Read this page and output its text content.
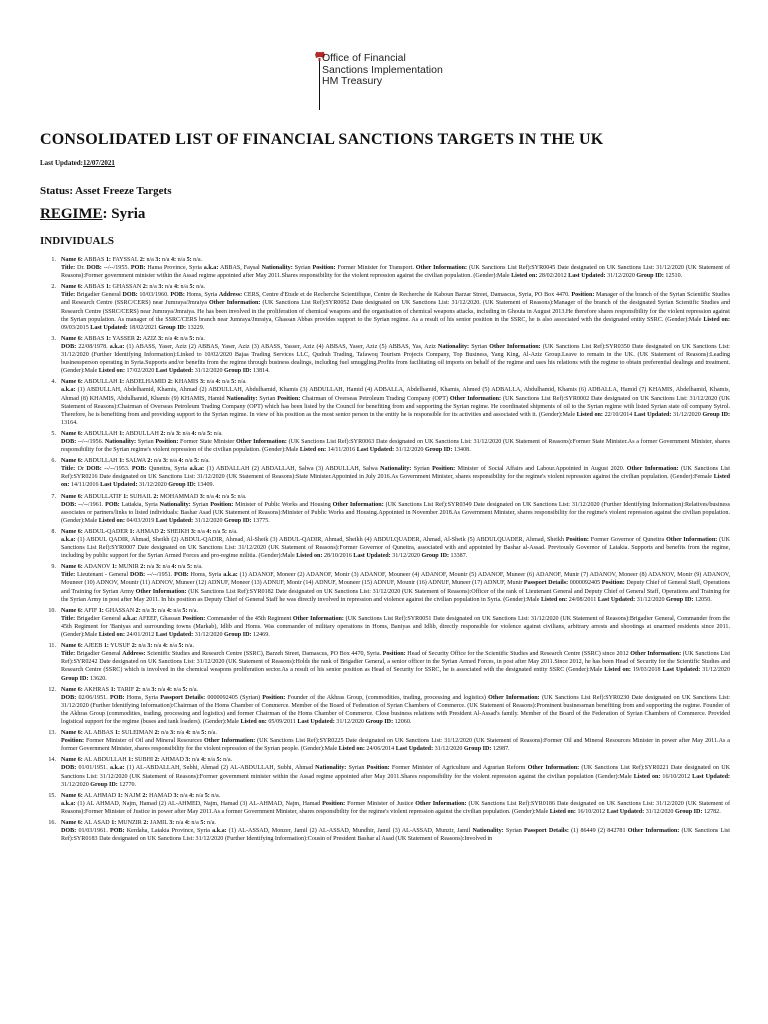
Office of Financial
Sanctions Implementation
HM Treasury
CONSOLIDATED LIST OF FINANCIAL SANCTIONS TARGETS IN THE UK
Last Updated:12/07/2021
Status: Asset Freeze Targets
REGIME: Syria
INDIVIDUALS
1. Name 6: ABBAS 1: FAYSSAL 2: n/a 3: n/a 4: n/a 5: n/a.
Title: Dr. DOB: --/--/1955. POB: Hama Province, Syria a.k.a: ABBAS, Faysal Nationality: Syrian Position: Former Minister for Transport. Other Information: (UK Sanctions List Ref):SYR0045 Date designated on UK Sanctions List: 31/12/2020 (UK Statement of Reasons):Former government minister within the Assad regime appointed after May 2011.Shares responsibility for the violent repression against the civilian population. (Gender):Male Listed on: 28/02/2012 Last Updated: 31/12/2020 Group ID: 12510.
2. Name 6: ABBAS 1: GHASSAN 2: n/a 3: n/a 4: n/a 5: n/a.
Title: Brigadier General DOB: 10/03/1960. POB: Homs, Syria Address: CERS, Centre d'Etude et de Recherche Scientifique, Centre de Recherche de Kaboun Barzar Street, Damascus, Syria, PO Box 4470. Position: Manager of the branch of the Syrian Scientific Studies and Research Centre (SSRC/CERS) near Jumraya/Jmraiya Other Information: (UK Sanctions List Ref):SYR0052 Date designated on UK Sanctions List: 31/12/2020. (UK Statement of Reasons):Manager of the branch of the designated Syrian Scientific Studies and Research Centre (SSRC/CERS) near Jumraya/Jmraiya. He has been involved in the proliferation of chemical weapons and the organisation of chemical weapons attacks, including in Ghouta in August 2013.He therefore shares responsibility for the violent repression against the Syrian population. As manager of the SSRC/CERS branch near Jumraya/Jmraiya, Ghassan Abbas provides support to the Syrian regime. As a result of his senior position in the SSRC, he is also associated with the designated entity SSRC. (Gender):Male Listed on: 09/03/2015 Last Updated: 18/02/2021 Group ID: 13229.
3. Name 6: ABBAS 1: YASSER 2: AZIZ 3: n/a 4: n/a 5: n/a.
DOB: 22/08/1978. a.k.a: (1) ABASS, Yaser, Aziz (2) ABBAS, Yaser, Aziz (3) ABASS, Yasser, Aziz (4) ABBAS, Yaser, Aziz (5) ABBAS, Yas, Aziz Nationality: Syrian Other Information: (UK Sanctions List Ref):SYR0350 Date designated on UK Sanctions List: 31/12/2020 (Further Identifying Information):Linked to 10/02/2020 Bajaa Trading Services LLC, Qudrah Trading, Tafawoq Tourism Projects Company, Top Business, Yang King, Al-Aziz Group.Leave to remain in the UK. (UK Statement of Reasons):Leading businessperson operating in Syria.Supports and/or benefits from the regime through business dealings, including fuel smuggling.Profits from facilitating oil imports on behalf of the regime and uses his relations with the regime to obtain preferential dealings and treatment. (Gender):Male Listed on: 17/02/2020 Last Updated: 31/12/2020 Group ID: 13814.
4. Name 6: ABDULLAH 1: ABDELHAMID 2: KHAMIS 3: n/a 4: n/a 5: n/a.
a.k.a: (1) ABDULLAH, Abdelhamid, Khamis, Ahmad (2) ABDULLAH, Abdulhamid, Khamis (3) ABDULLAH, Hamid (4) ADBALLA, Abdelhamid, Khamis, Ahmed (5) ADBALLA, Abdulhamid, Khamis (6) ADBALLA, Hamid (7) KHAMIS, Abdelhamid, Khamis, Ahmad (8) KHAMIS, Abdulhamid, Khamis (9) KHAMIS, Hamid Nationality: Syrian Position: Chairman of Overseas Petroleum Trading Company (OPT) Other Information: (UK Sanctions List Ref):SYR0002 Date designated on UK Sanctions List: 31/12/2020 (UK Statement of Reasons):Chairman of Overseas Petroleum Trading Company (OPT) which has been listed by the Council for benefiting from and supporting the Syrian regime. He coordinated shipments of oil to the Syrian regime with listed Syrian state oil company Sytrol. Therefore, he is benefiting from and providing support to the Syrian regime. In view of his position as the most senior person in the entity he is responsible for its activities and associated with it. (Gender):Male Listed on: 22/10/2014 Last Updated: 31/12/2020 Group ID: 13164.
5. Name 6: ABDULLAH 1: ABDULLAH 2: n/a 3: n/a 4: n/a 5: n/a.
DOB: --/--/1956. Nationality: Syrian Position: Former State Minister Other Information: (UK Sanctions List Ref):SYR0063 Date designated on UK Sanctions List: 31/12/2020 (UK Statement of Reasons):Former State Minister.As a former Government Minister, shares responsibility for the Syrian regime's violent repression of the civilian population. (Gender):Male Listed on: 14/11/2016 Last Updated: 31/12/2020 Group ID: 13408.
6. Name 6: ABDULLAH 1: SALWA 2: n/a 3: n/a 4: n/a 5: n/a.
Title: Dr DOB: --/--/1953. POB: Quneitra, Syria a.k.a: (1) ABDALLAH (2) ABDALLAH, Salwa (3) ABDULLAH, Salwa Nationality: Syrian Position: Minister of Social Affairs and Labour.Appointed in August 2020. Other Information: (UK Sanctions List Ref):SYR0216 Date designated on UK Sanctions List: 31/12/2020 (UK Statement of Reasons):State Minister.Appointed in July 2016.As Government Minister, shares responsibility for the regime's violent repression against the civilian population. (Gender):Female Listed on: 14/11/2016 Last Updated: 31/12/2020 Group ID: 13409.
7. Name 6: ABDULLATIF 1: SUHAIL 2: MOHAMMAD 3: n/a 4: n/a 5: n/a.
DOB: --/--/1961. POB: Lattakia, Syria Nationality: Syrian Position: Minister of Public Works and Housing Other Information: (UK Sanctions List Ref):SYR0349 Date designated on UK Sanctions List: 31/12/2020 (Further Identifying Information):Relatives/business associates or partners/links to listed individuals: Bashar Asad (UK Statement of Reasons):Minister of Public Works and Housing.Appointed in November 2018.As Government Minister, shares responsibility for the regime's violent repression against the civilian population. (Gender):Male Listed on: 04/03/2019 Last Updated: 31/12/2020 Group ID: 13775.
8. Name 6: ABDUL-QADER 1: AHMAD 2: SHEIKH 3: n/a 4: n/a 5: n/a.
a.k.a: (1) ABDUL QADIR, Ahmad, Sheikh (2) ABDUL-QADIR, Ahmad, Al-Sheik (3) ABDUL-QADIR, Ahmad, Sheikh (4) ABDULQUADER, Ahmad, Al-Sheik (5) ABDULQUADER, Ahmad, Sheikh Position: Former Governor of Quneitra Other Information: (UK Sanctions List Ref):SYR0007 Date designated on UK Sanctions List: 31/12/2020 (UK Statement of Reasons):Former Governor of Quneitra, associated with and appointed by Bashar al-Assad. Previously Governor of Latakia. Supports and benefits from the regime, including by public support for the Syrian Armed Forces and pro-regime militia. (Gender):Male Listed on: 28/10/2016 Last Updated: 31/12/2020 Group ID: 13387.
9. Name 6: ADANOV 1: MUNIR 2: n/a 3: n/a 4: n/a 5: n/a.
Title: Lieutenant - General DOB: --/--/1951. POB: Homs, Syria a.k.a: (1) ADANOF, Moneer (2) ADANOF, Monir (3) ADANOF, Mouneer (4) ADANOF, Mounir (5) ADANOF, Muneer (6) ADANOF, Munir (7) ADANOV, Moneer (8) ADANOV, Monir (9) ADANOV, Mouneer (10) ADNOV, Mounir (11) ADNOV, Muneer (12) ADNUF, Moneer (13) ADNUF, Monir (14) ADNUF, Mouneer (15) ADNUF, Mounir (16) ADNUF, Muneer (17) ADNUF, Munir Passport Details: 0000092405 Position: Deputy Chief of General Staff, Operations and Training for Syrian Army Other Information: (UK Sanctions List Ref):SYR0182 Date designated on UK Sanctions List: 31/12/2020 (UK Statement of Reasons):Officer of the rank of Lieutenant General and Deputy Chief of General Staff, Operations and Training for the Syrian Army in post after May 2011. In his position as Deputy Chief of General Staff he was directly involved in repression and violence against the civilian population in Syria. (Gender):Male Listed on: 24/08/2011 Last Updated: 31/12/2020 Group ID: 12050.
10. Name 6: AFIF 1: GHASSAN 2: n/a 3: n/a 4: n/a 5: n/a.
Title: Brigadier General a.k.a: AFEEF, Ghassan Position: Commander of the 45th Regiment Other Information: (UK Sanctions List Ref):SYR0051 Date designated on UK Sanctions List: 31/12/2020 (UK Statement of Reasons):Brigadier General, Commander from the 45th Regiment for 'Baniyas and surrounding towns (Markab), Idlib and Homs. Was commander of military operations in Homs, Baniyas and Idlib, directly responsible for violence against civilians, arbitrary arrests and shootings at unarmed residents since 2011. (Gender):Male Listed on: 24/01/2012 Last Updated: 31/12/2020 Group ID: 12469.
11. Name 6: AJEEB 1: YUSUF 2: n/a 3: n/a 4: n/a 5: n/a.
Title: Brigadier General Address: Scientific Studies and Research Centre (SSRC), Barzeh Street, Damascus, PO Box 4470, Syria. Position: Head of Security Office for the Scientific Studies and Research Centre (SSRC) since 2012 Other Information: (UK Sanctions List Ref):SYR0242 Date designated on UK Sanctions List: 31/12/2020 (UK Statement of Reasons):Holds the rank of Brigadier General, a senior officer in the Syrian Armed Forces, in post after May 2011.Since 2012, he has been Head of Security for the Scientific Studies and Research Centre (SSRC) which is involved in the chemical weapons proliferation sector.As a result of his senior position as Head of Security for SSRC, he is associated with the designated entity SSRC (Gender):Male Listed on: 19/03/2018 Last Updated: 31/12/2020 Group ID: 13620.
12. Name 6: AKHRAS 1: TARIF 2: n/a 3: n/a 4: n/a 5: n/a.
DOB: 02/06/1951. POB: Homs, Syria Passport Details: 0000092405 (Syrian) Position: Founder of the Akhras Group, (commodities, trading, processing and logistics) Other Information: (UK Sanctions List Ref):SYR0230 Date designated on UK Sanctions List: 31/12/2020 (Further Identifying Information):Chairman of the Homs Chamber of Commerce. Member of the Board of Federation of Syrian Chambers of Commerce. (UK Statement of Reasons):Prominent businessman benefiting from and supporting the regime. Founder of the Akhras Group (commodities, trading, processing and logistics) and former Chairman of the Homs Chamber of Commerce. Close business relations with President Al-Assad's family. Member of the Board of the Federation of Syrian Chambers of Commerce. Provided logistical support for the regime (buses and tank loaders). (Gender):Male Listed on: 05/09/2011 Last Updated: 31/12/2020 Group ID: 12060.
13. Name 6: AL ABBAS 1: SULEIMAN 2: n/a 3: n/a 4: n/a 5: n/a.
Position: Former Minister of Oil and Mineral Resources Other Information: (UK Sanctions List Ref):SYR0225 Date designated on UK Sanctions List: 31/12/2020 (UK Statement of Reasons):Former Oil and Mineral Resources Minister in power after May 2011.As a former Government Minister, shares responsibility for the violent repression of the Syrian people. (Gender):Male Listed on: 24/06/2014 Last Updated: 31/12/2020 Group ID: 12987.
14. Name 6: AL ABDULLAH 1: SUBHI 2: AHMAD 3: n/a 4: n/a 5: n/a.
DOB: 01/01/1951. a.k.a: (1) AL-ABDALLAH, Subhi, Ahmad (2) AL-ABDULLAH, Subhi, Ahmad Nationality: Syrian Position: Former Minister of Agriculture and Agrarian Reform Other Information: (UK Sanctions List Ref):SYR0221 Date designated on UK Sanctions List: 31/12/2020 (UK Statement of Reasons):Former government minister within the Assad regime appointed after May 2011.Shares responsibility for the violent repression against the civilian population (Gender):Male Listed on: 16/10/2012 Last Updated: 31/12/2020 Group ID: 12770.
15. Name 6: AL AHMAD 1: NAJM 2: HAMAD 3: n/a 4: n/a 5: n/a.
a.k.a: (1) AL AHMAD, Najm, Hamad (2) AL-AHMED, Najm, Hamad (3) AL-AHMAD, Najm, Hamad Position: Former Minister of Justice Other Information: (UK Sanctions List Ref):SYR0186 Date designated on UK Sanctions List: 31/12/2020 (UK Statement of Reasons):Former Minister of Justice in power after May 2011.As a former Government Minister, shares responsibility for the regime's violent repression against the civilian population. (Gender):Male Listed on: 16/10/2012 Last Updated: 31/12/2020 Group ID: 12782.
16. Name 6: AL ASAD 1: MUNZIR 2: JAMIL 3: n/a 4: n/a 5: n/a.
DOB: 01/03/1961. POB: Kerdaha, Latakia Province, Syria a.k.a: (1) AL-ASSAD, Monzer, Jamil (2) AL-ASSAD, Mundhir, Jamil (3) AL-ASSAD, Munzir, Jamil Nationality: Syrian Passport Details: (1) 86449 (2) 842781 Other Information: (UK Sanctions List Ref):SYR0183 Date designated on UK Sanctions List: 31/12/2020 (Further Identifying Information):Cousin of President Bashar al Asad (UK Statement of Reasons):Involved in
